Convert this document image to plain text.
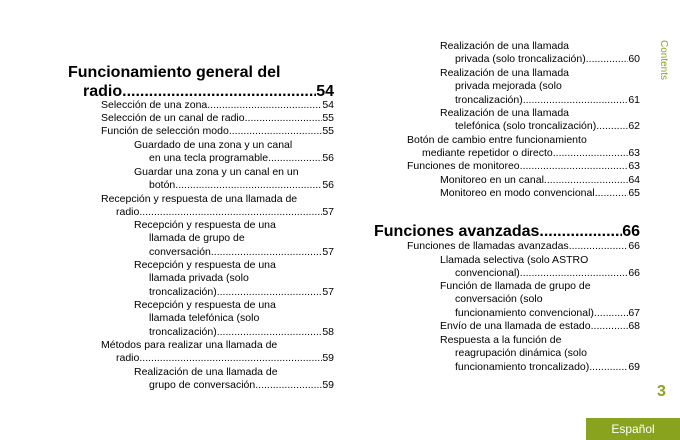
Funcionamiento general del
radio .....	54
Selección de una zona .....	54
Selección de un canal de radio .....	55
Función de selección modo .....	55
Guardado de una zona y un canal
en una tecla programable .....	56
Guardar una zona y un canal en un
botón .....	56
Recepción y respuesta de una llamada de
radio .....	57
Recepción y respuesta de una
llamada de grupo de
conversación .....	57
Recepción y respuesta de una
llamada privada (solo
troncalización) .....	57
Recepción y respuesta de una
llamada telefónica (solo
troncalización) .....	58
Métodos para realizar una llamada de
radio .....	59
Realización de una llamada de
grupo de conversación .....	59
Realización de una llamada
privada (solo troncalización) .....	60
Realización de una llamada
privada mejorada (solo
troncalización) .....	61
Realización de una llamada
telefónica (solo troncalización) .....	62
Botón de cambio entre funcionamiento
mediante repetidor o directo .....	63
Funciones de monitoreo .....	63
Monitoreo en un canal .....	64
Monitoreo en modo convencional .....	65
Funciones avanzadas .....	66
Funciones de llamadas avanzadas .....	66
Llamada selectiva (solo ASTRO
convencional) .....	66
Función de llamada de grupo de
conversación (solo
funcionamiento convencional) .....	67
Envío de una llamada de estado .....	68
Respuesta a la función de
reagrupación dinámica (solo
funcionamiento troncalizado) .....	69
Contents
3
Español
